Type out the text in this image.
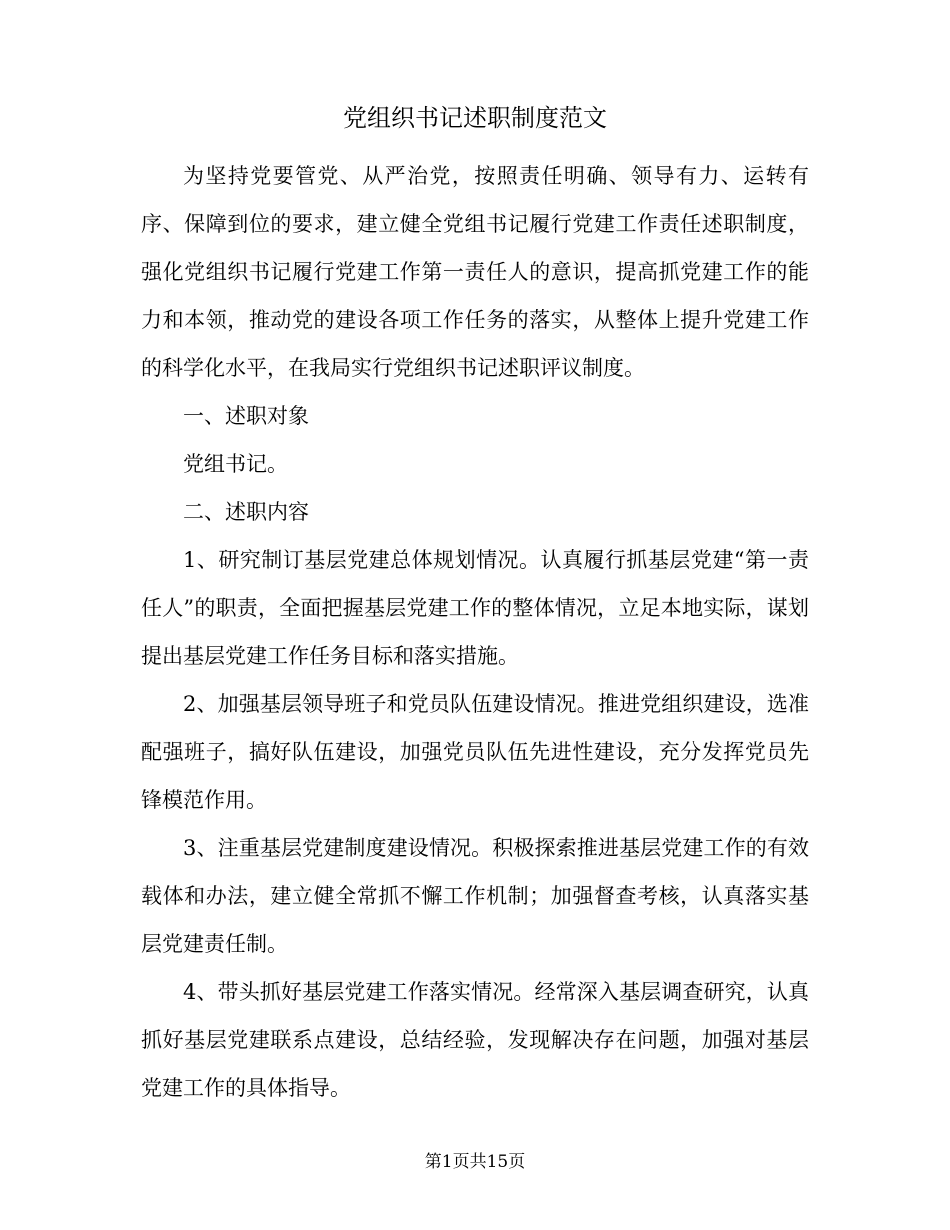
党组织书记述职制度范文

为坚持党要管党、从严治党，按照责任明确、领导有力、运转有序、保障到位的要求，建立健全党组书记履行党建工作责任述职制度，强化党组织书记履行党建工作第一责任人的意识，提高抓党建工作的能力和本领，推动党的建设各项工作任务的落实，从整体上提升党建工作的科学化水平，在我局实行党组织书记述职评议制度。

一、述职对象

党组书记。

二、述职内容

1、研究制订基层党建总体规划情况。认真履行抓基层党建“第一责任人”的职责，全面把握基层党建工作的整体情况，立足本地实际，谋划提出基层党建工作任务目标和落实措施。

2、加强基层领导班子和党员队伍建设情况。推进党组织建设，选准配强班子，搞好队伍建设，加强党员队伍先进性建设，充分发挥党员先锋模范作用。

3、注重基层党建制度建设情况。积极探索推进基层党建工作的有效载体和办法，建立健全常抓不懈工作机制；加强督查考核，认真落实基层党建责任制。

4、带头抓好基层党建工作落实情况。经常深入基层调查研究，认真抓好基层党建联系点建设，总结经验，发现解决存在问题，加强对基层党建工作的具体指导。

第1页共15页
